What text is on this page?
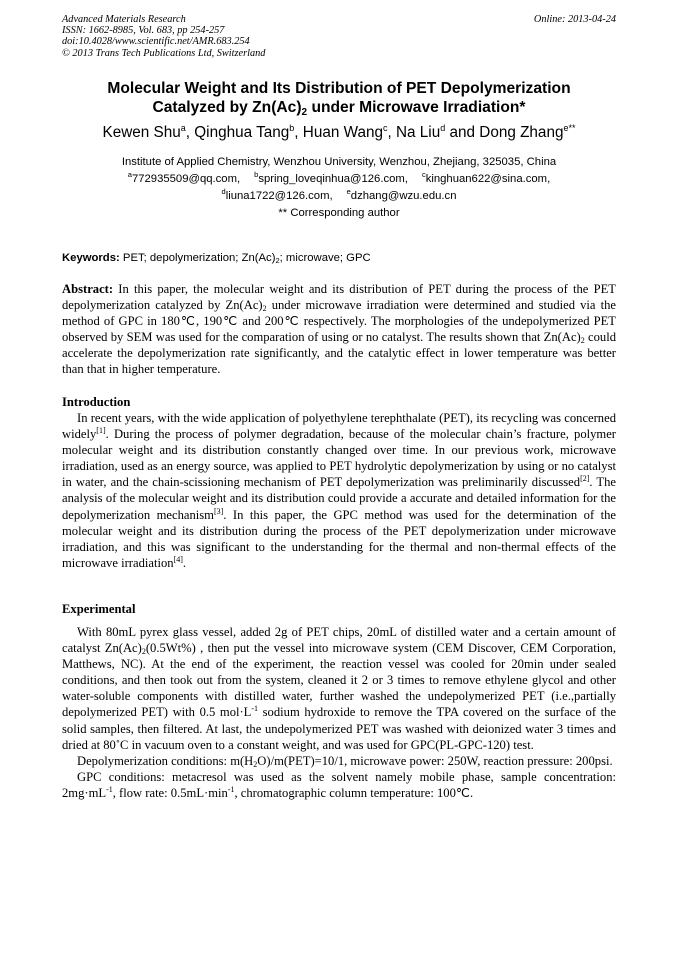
Advanced Materials Research
ISSN: 1662-8985, Vol. 683, pp 254-257
doi:10.4028/www.scientific.net/AMR.683.254
© 2013 Trans Tech Publications Ltd, Switzerland
Online: 2013-04-24
Molecular Weight and Its Distribution of PET Depolymerization
Catalyzed by $Zn(Ac)_2$ under Microwave Irradiation*
Kewen Shu$^a$, Qinghua Tang$^b$, Huan Wang$^c$, Na Liu$^d$ and Dong Zhang$^{e**}$
Institute of Applied Chemistry, Wenzhou University, Wenzhou, Zhejiang, 325035, China
$^a$772935509@qq.com, $^b$spring_loveqinhua@126.com, $^c$kinghuan622@sina.com,
$^d$liuna1722@126.com, $^e$dzhang@wzu.edu.cn
** Corresponding author
Keywords: PET; depolymerization; $Zn(Ac)_2$; microwave; GPC

Abstract: In this paper, the molecular weight and its distribution of PET during the process of the PET depolymerization catalyzed by $Zn(Ac)_2$ under microwave irradiation were determined and studied via the method of GPC in 180℃, 190℃ and 200℃ respectively. The morphologies of the undepolymerized PET observed by SEM was used for the comparation of using or no catalyst. The results shown that $Zn(Ac)_2$ could accelerate the depolymerization rate significantly, and the catalytic effect in lower temperature was better than that in higher temperature.

Introduction

In recent years, with the wide application of polyethylene terephthalate (PET), its recycling was concerned widely[1]. During the process of polymer degradation, because of the molecular chain’s fracture, polymer molecular weight and its distribution constantly changed over time. In our previous work, microwave irradiation, used as an energy source, was applied to PET hydrolytic depolymerization by using or no catalyst in water, and the chain-scissioning mechanism of PET depolymerization was preliminarily discussed[2]. The analysis of the molecular weight and its distribution could provide a accurate and detailed information for the depolymerization mechanism[3]. In this paper, the GPC method was used for the determination of the molecular weight and its distribution during the process of the PET depolymerization under microwave irradiation, and this was significant to the understanding for the thermal and non-thermal effects of the microwave irradiation[4].

Experimental

With 80mL pyrex glass vessel, added 2g of PET chips, 20mL of distilled water and a certain amount of catalyst $Zn(Ac)_2(0.5Wt\%)$ , then put the vessel into microwave system (CEM Discover, CEM Corporation, Matthews, NC). At the end of the experiment, the reaction vessel was cooled for 20min under sealed conditions, and then took out from the system, cleaned it 2 or 3 times to remove ethylene glycol and other water-soluble components with distilled water, further washed the undepolymerized PET (i.e.,partially depolymerized PET) with 0.5 $mol\cdot L^{-1}$ sodium hydroxide to remove the TPA covered on the surface of the solid samples, then filtered. At last, the undepolymerized PET was washed with deionized water 3 times and dried at 80˚C in vacuum oven to a constant weight, and was used for GPC(PL-GPC-120) test.

Depolymerization conditions: $m(H_2O)/m(PET)=10/1$, microwave power: 250W, reaction pressure: 200psi.

GPC conditions: metacresol was used as the solvent namely mobile phase, sample concentration: $2mg\cdot mL^{-1}$, flow rate: $0.5mL\cdot\min^{-1}$, chromatographic column temperature: 100℃.
